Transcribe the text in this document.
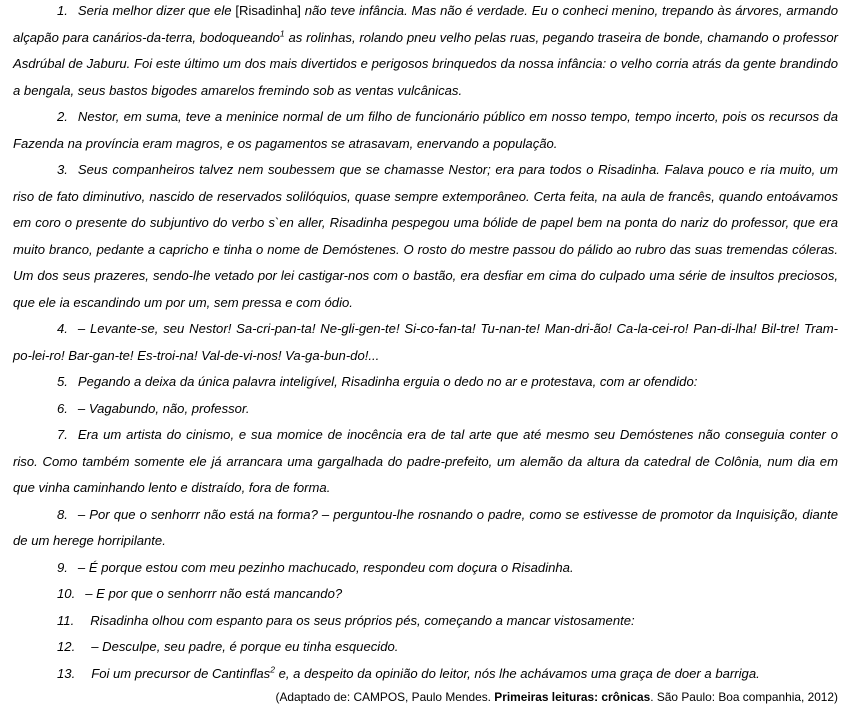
1. Seria melhor dizer que ele [Risadinha] não teve infância. Mas não é verdade. Eu o conheci menino, trepando às árvores, armando alçapão para canários-da-terra, bodoqueando$^1$ as rolinhas, rolando pneu velho pelas ruas, pegando traseira de bonde, chamando o professor Asdrúbal de Jaburu. Foi este último um dos mais divertidos e perigosos brinquedos da nossa infância: o velho corria atrás da gente brandindo a bengala, seus bastos bigodes amarelos fremindo sob as ventas vulcânicas.

2. Nestor, em suma, teve a meninice normal de um filho de funcionário público em nosso tempo, tempo incerto, pois os recursos da Fazenda na província eram magros, e os pagamentos se atrasavam, enervando a população.

3. Seus companheiros talvez nem soubessem que se chamasse Nestor; era para todos o Risadinha. Falava pouco e ria muito, um riso de fato diminutivo, nascido de reservados solilóquios, quase sempre extemporâneo. Certa feita, na aula de francês, quando entoávamos em coro o presente do subjuntivo do verbo s`en aller, Risadinha pespegou uma bólide de papel bem na ponta do nariz do professor, que era muito branco, pedante a capricho e tinha o nome de Demóstenes. O rosto do mestre passou do pálido ao rubro das suas tremendas cóleras. Um dos seus prazeres, sendo-lhe vetado por lei castigar-nos com o bastão, era desfiar em cima do culpado uma série de insultos preciosos, que ele ia escandindo um por um, sem pressa e com ódio.

4. – Levante-se, seu Nestor! Sa-cri-pan-ta! Ne-gli-gen-te! Si-co-fan-ta! Tu-nan-te! Man-dri-ão! Ca-la-cei-ro! Pan-di-lha! Bil-tre! Tram-po-lei-ro! Bar-gan-te! Es-troi-na! Val-de-vi-nos! Va-ga-bun-do!...

5. Pegando a deixa da única palavra inteligível, Risadinha erguia o dedo no ar e protestava, com ar ofendido:

6. – Vagabundo, não, professor.

7. Era um artista do cinismo, e sua momice de inocência era de tal arte que até mesmo seu Demóstenes não conseguia conter o riso. Como também somente ele já arrancara uma gargalhada do padre-prefeito, um alemão da altura da catedral de Colônia, num dia em que vinha caminhando lento e distraído, fora de forma.

8. – Por que o senhorrr não está na forma? – perguntou-lhe rosnando o padre, como se estivesse de promotor da Inquisição, diante de um herege horripilante.

9. – É porque estou com meu pezinho machucado, respondeu com doçura o Risadinha.

10. – E por que o senhorrr não está mancando?

11. Risadinha olhou com espanto para os seus próprios pés, começando a mancar vistosamente:

12. – Desculpe, seu padre, é porque eu tinha esquecido.

13. Foi um precursor de Cantinflas$^2$ e, a despeito da opinião do leitor, nós lhe achávamos uma graça de doer a barriga.

(Adaptado de: CAMPOS, Paulo Mendes. Primeiras leituras: crônicas. São Paulo: Boa companhia, 2012)
